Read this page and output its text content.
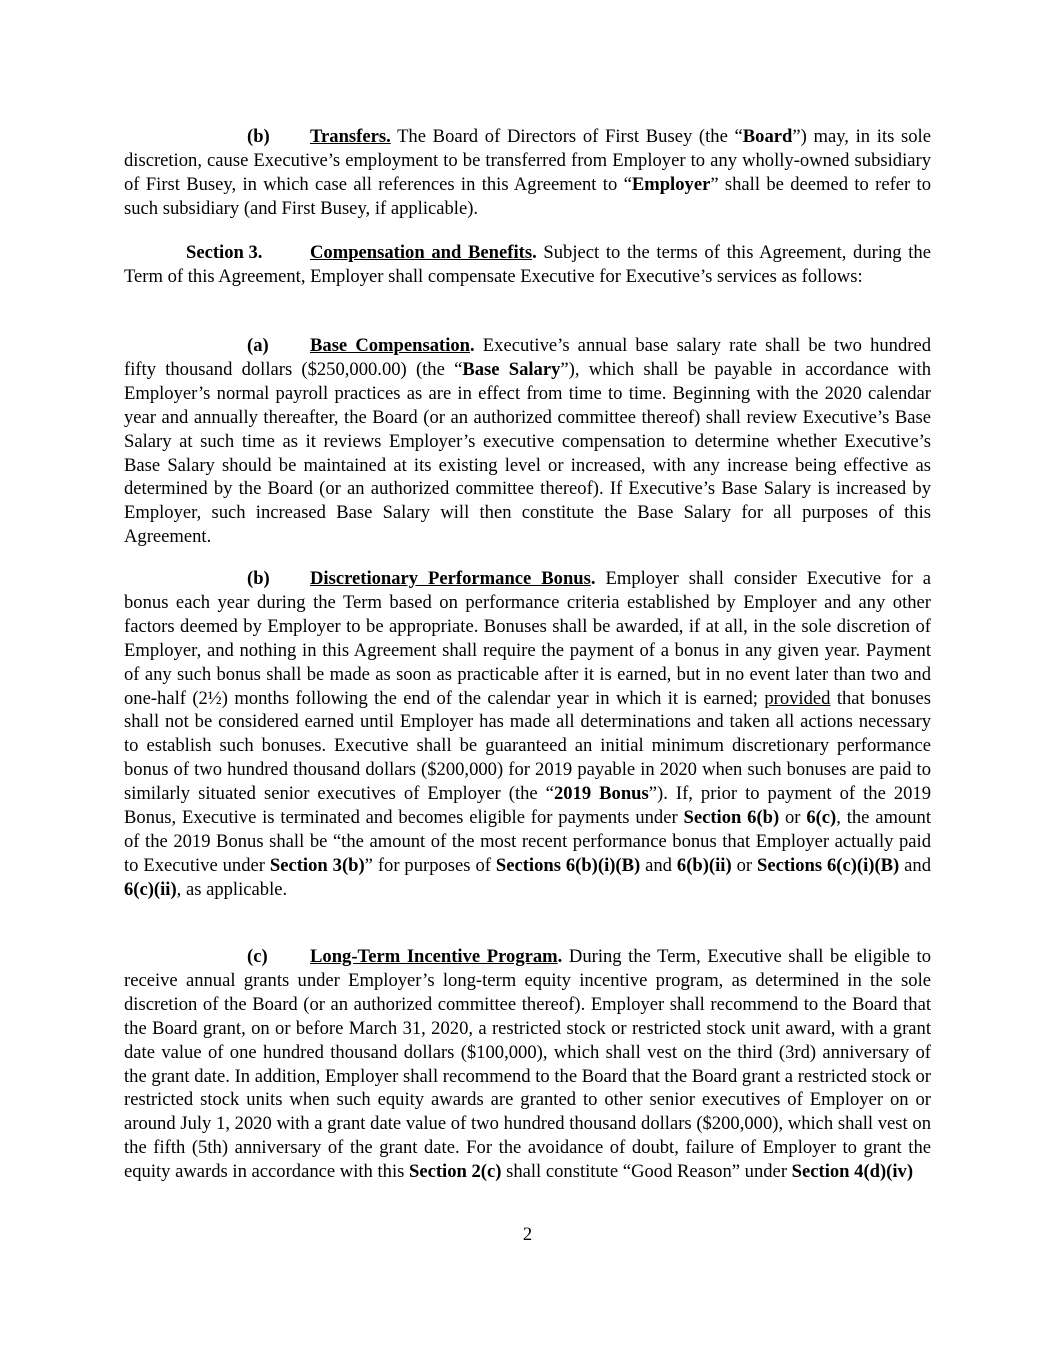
(b) Transfers. The Board of Directors of First Busey (the “Board”) may, in its sole discretion, cause Executive’s employment to be transferred from Employer to any wholly-owned subsidiary of First Busey, in which case all references in this Agreement to “Employer” shall be deemed to refer to such subsidiary (and First Busey, if applicable).

Section 3.	Compensation and Benefits. Subject to the terms of this Agreement, during the Term of this Agreement, Employer shall compensate Executive for Executive’s services as follows:

(a) Base Compensation. Executive’s annual base salary rate shall be two hundred fifty thousand dollars ($250,000.00) (the “Base Salary”), which shall be payable in accordance with Employer’s normal payroll practices as are in effect from time to time. Beginning with the 2020 calendar year and annually thereafter, the Board (or an authorized committee thereof) shall review Executive’s Base Salary at such time as it reviews Employer’s executive compensation to determine whether Executive’s Base Salary should be maintained at its existing level or increased, with any increase being effective as determined by the Board (or an authorized committee thereof). If Executive’s Base Salary is increased by Employer, such increased Base Salary will then constitute the Base Salary for all purposes of this Agreement.

(b) Discretionary Performance Bonus. Employer shall consider Executive for a bonus each year during the Term based on performance criteria established by Employer and any other factors deemed by Employer to be appropriate. Bonuses shall be awarded, if at all, in the sole discretion of Employer, and nothing in this Agreement shall require the payment of a bonus in any given year. Payment of any such bonus shall be made as soon as practicable after it is earned, but in no event later than two and one-half (2½) months following the end of the calendar year in which it is earned; provided that bonuses shall not be considered earned until Employer has made all determinations and taken all actions necessary to establish such bonuses. Executive shall be guaranteed an initial minimum discretionary performance bonus of two hundred thousand dollars ($200,000) for 2019 payable in 2020 when such bonuses are paid to similarly situated senior executives of Employer (the “2019 Bonus”). If, prior to payment of the 2019 Bonus, Executive is terminated and becomes eligible for payments under Section 6(b) or 6(c), the amount of the 2019 Bonus shall be “the amount of the most recent performance bonus that Employer actually paid to Executive under Section 3(b)” for purposes of Sections 6(b)(i)(B) and 6(b)(ii) or Sections 6(c)(i)(B) and 6(c)(ii), as applicable.

(c) Long-Term Incentive Program. During the Term, Executive shall be eligible to receive annual grants under Employer’s long-term equity incentive program, as determined in the sole discretion of the Board (or an authorized committee thereof). Employer shall recommend to the Board that the Board grant, on or before March 31, 2020, a restricted stock or restricted stock unit award, with a grant date value of one hundred thousand dollars ($100,000), which shall vest on the third (3rd) anniversary of the grant date. In addition, Employer shall recommend to the Board that the Board grant a restricted stock or restricted stock units when such equity awards are granted to other senior executives of Employer on or around July 1, 2020 with a grant date value of two hundred thousand dollars ($200,000), which shall vest on the fifth (5th) anniversary of the grant date. For the avoidance of doubt, failure of Employer to grant the equity awards in accordance with this Section 2(c) shall constitute “Good Reason” under Section 4(d)(iv)

2
